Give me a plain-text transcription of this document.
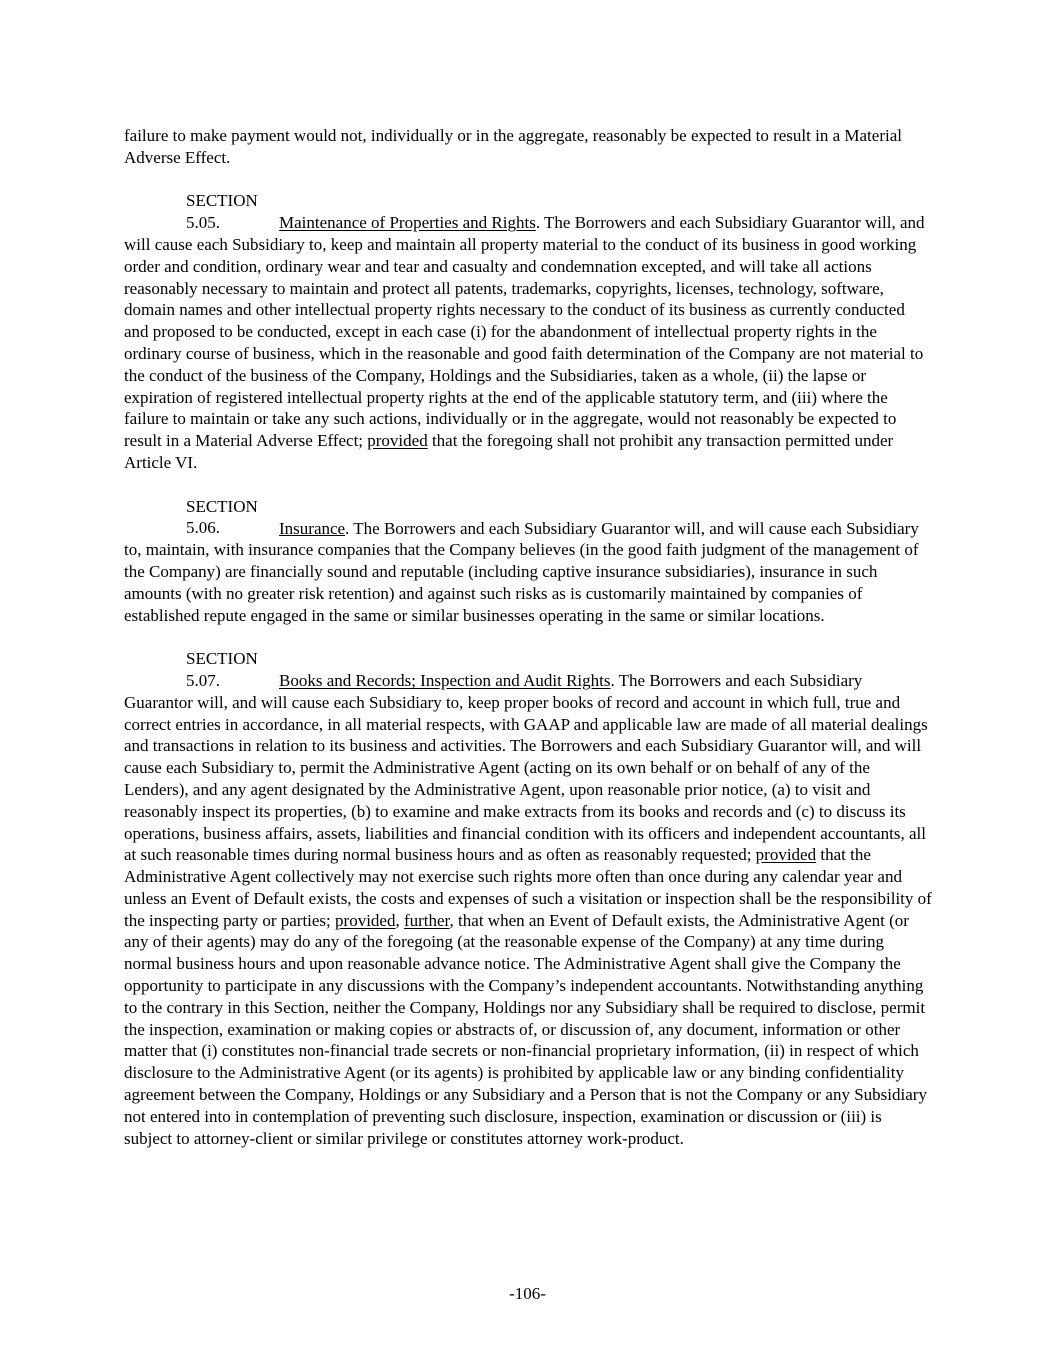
failure to make payment would not, individually or in the aggregate, reasonably be expected to result in a Material Adverse Effect.

SECTION 5.05.	Maintenance of Properties and Rights. The Borrowers and each Subsidiary Guarantor will, and will cause each Subsidiary to, keep and maintain all property material to the conduct of its business in good working order and condition, ordinary wear and tear and casualty and condemnation excepted, and will take all actions reasonably necessary to maintain and protect all patents, trademarks, copyrights, licenses, technology, software, domain names and other intellectual property rights necessary to the conduct of its business as currently conducted and proposed to be conducted, except in each case (i) for the abandonment of intellectual property rights in the ordinary course of business, which in the reasonable and good faith determination of the Company are not material to the conduct of the business of the Company, Holdings and the Subsidiaries, taken as a whole, (ii) the lapse or expiration of registered intellectual property rights at the end of the applicable statutory term, and (iii) where the failure to maintain or take any such actions, individually or in the aggregate, would not reasonably be expected to result in a Material Adverse Effect; provided that the foregoing shall not prohibit any transaction permitted under Article VI.

SECTION 5.06.	Insurance. The Borrowers and each Subsidiary Guarantor will, and will cause each Subsidiary to, maintain, with insurance companies that the Company believes (in the good faith judgment of the management of the Company) are financially sound and reputable (including captive insurance subsidiaries), insurance in such amounts (with no greater risk retention) and against such risks as is customarily maintained by companies of established repute engaged in the same or similar businesses operating in the same or similar locations.

SECTION 5.07.	Books and Records; Inspection and Audit Rights. The Borrowers and each Subsidiary Guarantor will, and will cause each Subsidiary to, keep proper books of record and account in which full, true and correct entries in accordance, in all material respects, with GAAP and applicable law are made of all material dealings and transactions in relation to its business and activities. The Borrowers and each Subsidiary Guarantor will, and will cause each Subsidiary to, permit the Administrative Agent (acting on its own behalf or on behalf of any of the Lenders), and any agent designated by the Administrative Agent, upon reasonable prior notice, (a) to visit and reasonably inspect its properties, (b) to examine and make extracts from its books and records and (c) to discuss its operations, business affairs, assets, liabilities and financial condition with its officers and independent accountants, all at such reasonable times during normal business hours and as often as reasonably requested; provided that the Administrative Agent collectively may not exercise such rights more often than once during any calendar year and unless an Event of Default exists, the costs and expenses of such a visitation or inspection shall be the responsibility of the inspecting party or parties; provided, further, that when an Event of Default exists, the Administrative Agent (or any of their agents) may do any of the foregoing (at the reasonable expense of the Company) at any time during normal business hours and upon reasonable advance notice. The Administrative Agent shall give the Company the opportunity to participate in any discussions with the Company’s independent accountants. Notwithstanding anything to the contrary in this Section, neither the Company, Holdings nor any Subsidiary shall be required to disclose, permit the inspection, examination or making copies or abstracts of, or discussion of, any document, information or other matter that (i) constitutes non-financial trade secrets or non-financial proprietary information, (ii) in respect of which disclosure to the Administrative Agent (or its agents) is prohibited by applicable law or any binding confidentiality agreement between the Company, Holdings or any Subsidiary and a Person that is not the Company or any Subsidiary not entered into in contemplation of preventing such disclosure, inspection, examination or discussion or (iii) is subject to attorney-client or similar privilege or constitutes attorney work-product.

-106-
